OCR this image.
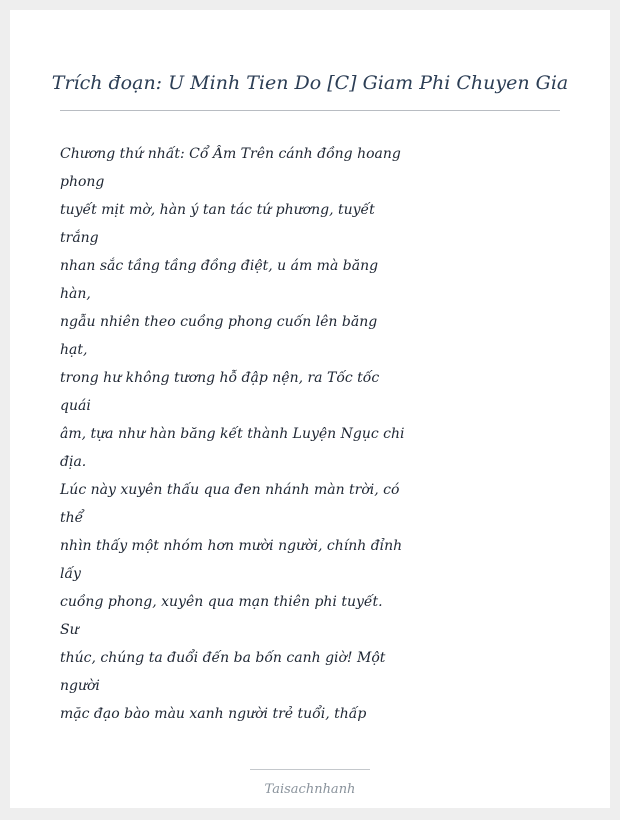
Trích đoạn: U Minh Tien Do [C] Giam Phi Chuyen Gia
Chương thứ nhất: Cổ Âm Trên cánh đồng hoang
phong
tuyết mịt mờ, hàn ý tan tác tứ phương, tuyết
trắng
nhan sắc tầng tầng đồng điệt, u ám mà băng
hàn,
ngẫu nhiên theo cuồng phong cuốn lên băng
hạt,
trong hư không tương hỗ đập nện, ra Tốc tốc
quái
âm, tựa như hàn băng kết thành Luyện Ngục chi
địa.
Lúc này xuyên thấu qua đen nhánh màn trời, có
thể
nhìn thấy một nhóm hơn mười người, chính đỉnh
lấy
cuồng phong, xuyên qua mạn thiên phi tuyết.
Sư
thúc, chúng ta đuổi đến ba bốn canh giờ! Một
người
mặc đạo bào màu xanh người trẻ tuổi, thấp
Taisachnhanh
